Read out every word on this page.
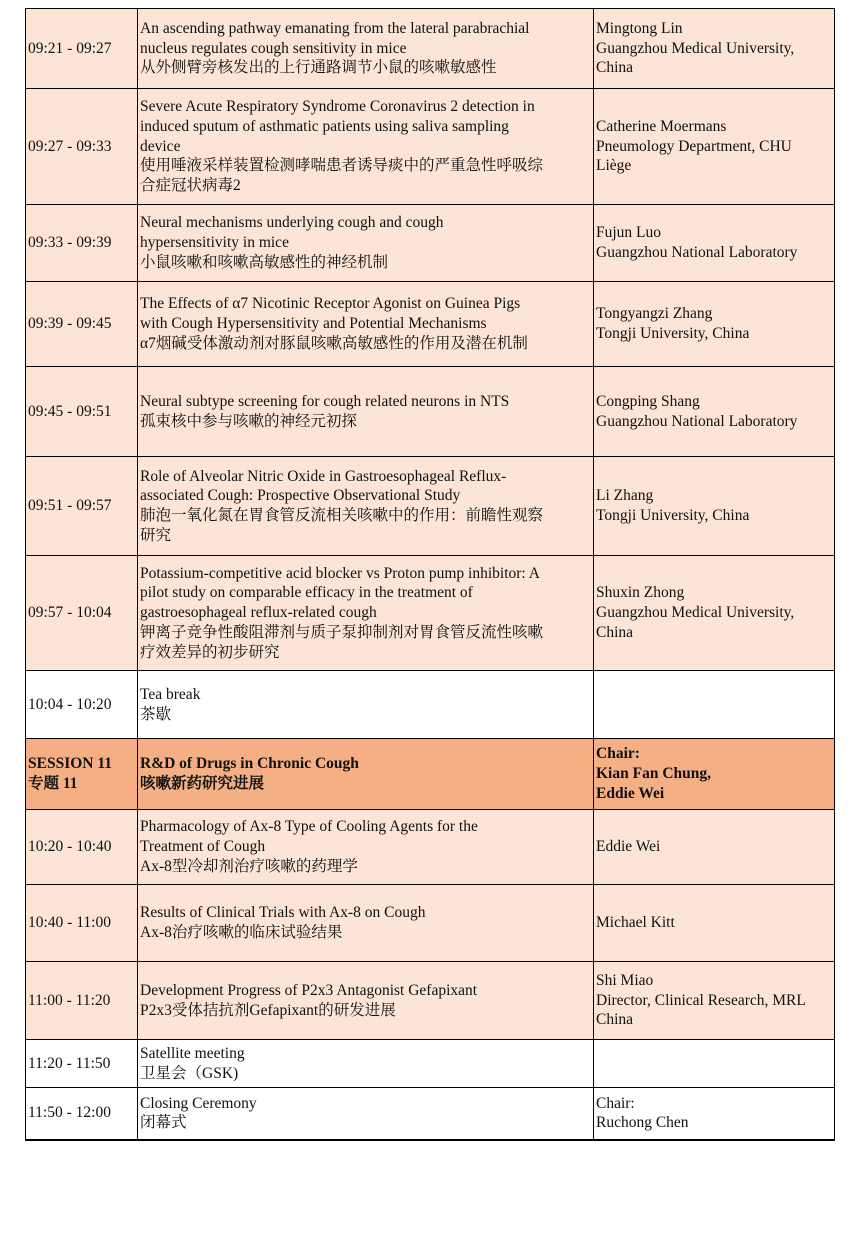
09:21 - 09:27	An ascending pathway emanating from the lateral parabrachial
nucleus regulates cough sensitivity in mice
从外侧臂旁核发出的上行通路调节小鼠的咳嗽敏感性	Mingtong Lin
Guangzhou Medical University,
China

09:27 - 09:33	Severe Acute Respiratory Syndrome Coronavirus 2 detection in
induced sputum of asthmatic patients using saliva sampling
device
使用唾液采样装置检测哮喘患者诱导痰中的严重急性呼吸综
合症冠状病毒2	Catherine Moermans
Pneumology Department, CHU
Liège

09:33 - 09:39	Neural mechanisms underlying cough and cough
hypersensitivity in mice
小鼠咳嗽和咳嗽高敏感性的神经机制	Fujun Luo
Guangzhou National Laboratory

09:39 - 09:45	The Effects of α7 Nicotinic Receptor Agonist on Guinea Pigs
with Cough Hypersensitivity and Potential Mechanisms
α7烟碱受体激动剂对豚鼠咳嗽高敏感性的作用及潜在机制	Tongyangzi Zhang
Tongji University, China

09:45 - 09:51	Neural subtype screening for cough related neurons in NTS
孤束核中参与咳嗽的神经元初探	Congping Shang
Guangzhou National Laboratory

09:51 - 09:57	Role of Alveolar Nitric Oxide in Gastroesophageal Reflux-
associated Cough: Prospective Observational Study
肺泡一氧化氮在胃食管反流相关咳嗽中的作用：前瞻性观察
研究	Li Zhang
Tongji University, China

09:57 - 10:04	Potassium-competitive acid blocker vs Proton pump inhibitor: A
pilot study on comparable efficacy in the treatment of
gastroesophageal reflux-related cough
钾离子竞争性酸阻滞剂与质子泵抑制剂对胃食管反流性咳嗽
疗效差异的初步研究	Shuxin Zhong
Guangzhou Medical University,
China

10:04 - 10:20	Tea break
茶歇	

SESSION 11
专题 11	R&D of Drugs in Chronic Cough
咳嗽新药研究进展	Chair:
Kian Fan Chung,
Eddie Wei

10:20 - 10:40	Pharmacology of Ax-8 Type of Cooling Agents for the
Treatment of Cough
Ax-8型冷却剂治疗咳嗽的药理学	Eddie Wei

10:40 - 11:00	Results of Clinical Trials with Ax-8 on Cough
Ax-8治疗咳嗽的临床试验结果	Michael Kitt

11:00 - 11:20	Development Progress of P2x3 Antagonist Gefapixant
P2x3受体拮抗剂Gefapixant的研发进展	Shi Miao
Director, Clinical Research, MRL
China

11:20 - 11:50	Satellite meeting
卫星会（GSK)	

11:50 - 12:00	Closing Ceremony
闭幕式	Chair:
Ruchong Chen
